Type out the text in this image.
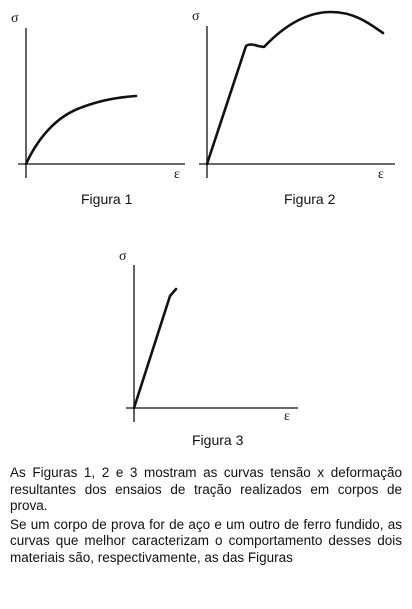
σ
ε
Figura 1
σ
ε
Figura 2
σ
ε
Figura 3

As Figuras 1, 2 e 3 mostram as curvas tensão x deformação resultantes dos ensaios de tração realizados em corpos de prova.

Se um corpo de prova for de aço e um outro de ferro fundido, as curvas que melhor caracterizam o comportamento desses dois materiais são, respectivamente, as das Figuras
